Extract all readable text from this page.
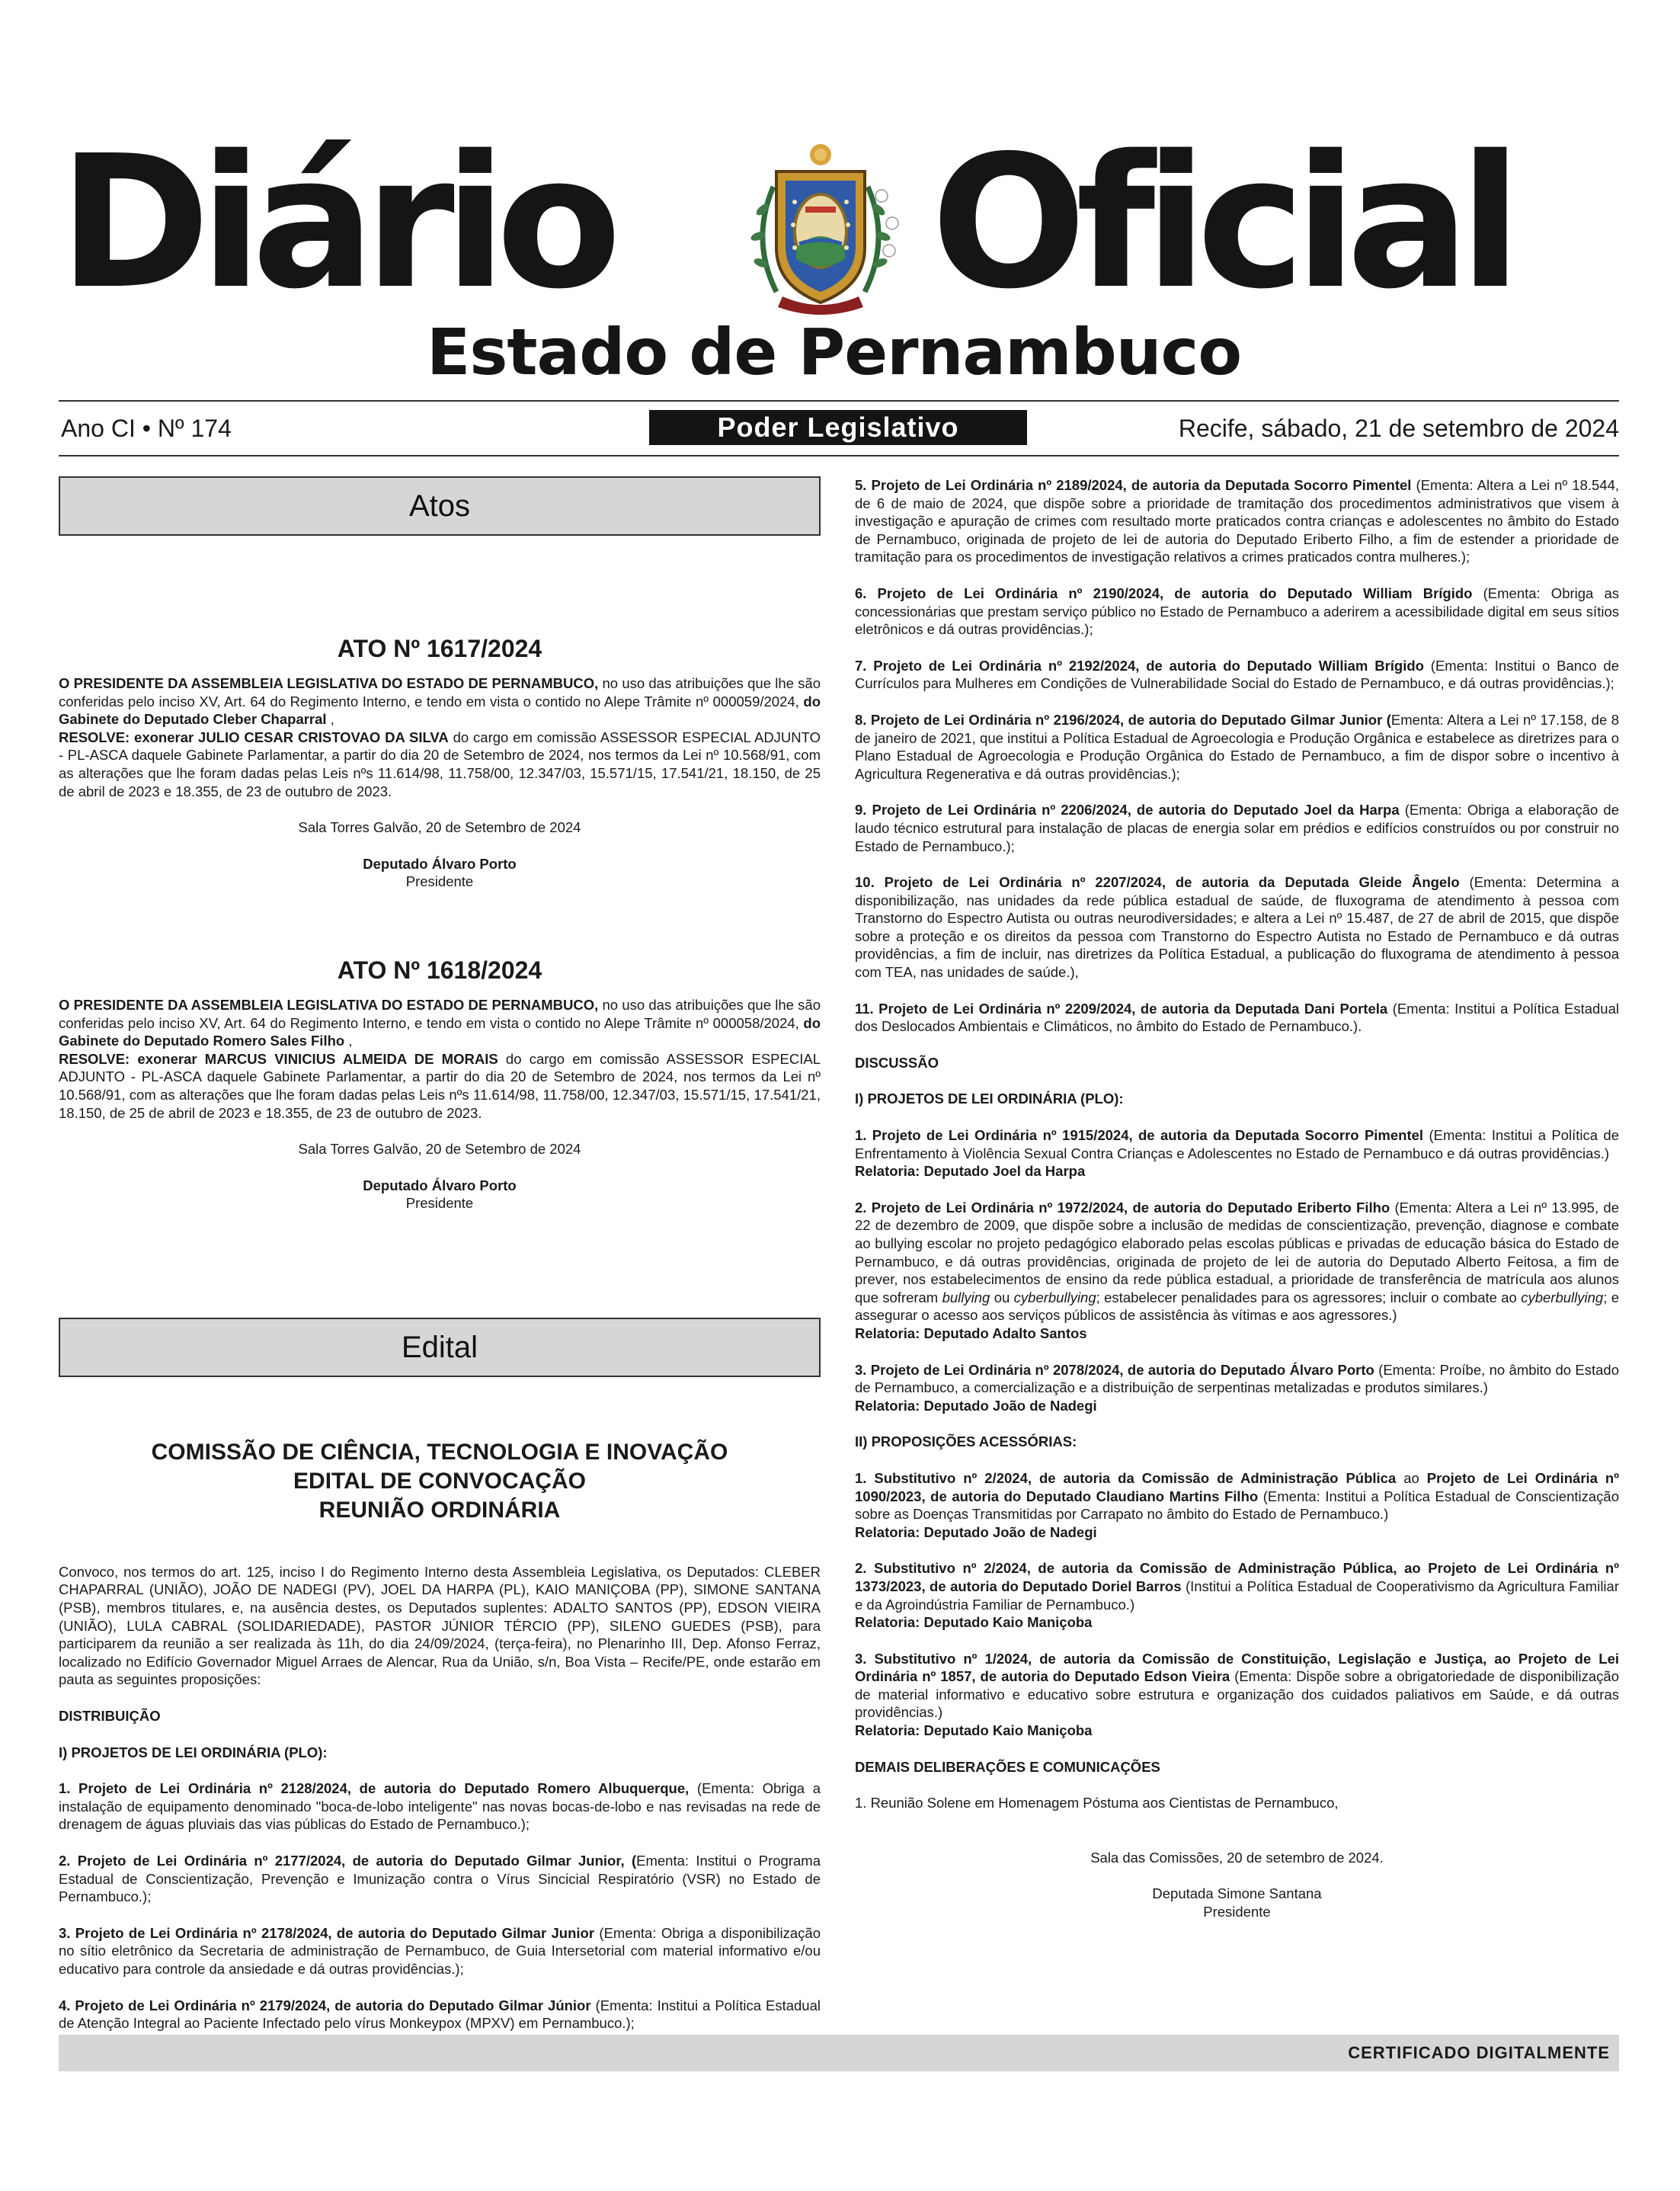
Diário	Oficial
Estado de Pernambuco
Ano CI • Nº 174	Poder Legislativo	Recife, sábado, 21 de setembro de 2024
Atos
ATO Nº 1617/2024

O PRESIDENTE DA ASSEMBLEIA LEGISLATIVA DO ESTADO DE PERNAMBUCO, no uso das atribuições que lhe são conferidas pelo inciso XV, Art. 64 do Regimento Interno, e tendo em vista o contido no Alepe Trâmite nº 000059/2024, do Gabinete do Deputado Cleber Chaparral ,
RESOLVE: exonerar JULIO CESAR CRISTOVAO DA SILVA do cargo em comissão ASSESSOR ESPECIAL ADJUNTO - PL-ASCA daquele Gabinete Parlamentar, a partir do dia 20 de Setembro de 2024, nos termos da Lei nº 10.568/91, com as alterações que lhe foram dadas pelas Leis nºs 11.614/98, 11.758/00, 12.347/03, 15.571/15, 17.541/21, 18.150, de 25 de abril de 2023 e 18.355, de 23 de outubro de 2023.

Sala Torres Galvão, 20 de Setembro de 2024

Deputado Álvaro Porto

Presidente

ATO Nº 1618/2024

O PRESIDENTE DA ASSEMBLEIA LEGISLATIVA DO ESTADO DE PERNAMBUCO, no uso das atribuições que lhe são conferidas pelo inciso XV, Art. 64 do Regimento Interno, e tendo em vista o contido no Alepe Trâmite nº 000058/2024, do Gabinete do Deputado Romero Sales Filho ,
RESOLVE: exonerar MARCUS VINICIUS ALMEIDA DE MORAIS do cargo em comissão ASSESSOR ESPECIAL ADJUNTO - PL-ASCA daquele Gabinete Parlamentar, a partir do dia 20 de Setembro de 2024, nos termos da Lei nº 10.568/91, com as alterações que lhe foram dadas pelas Leis nºs 11.614/98, 11.758/00, 12.347/03, 15.571/15, 17.541/21, 18.150, de 25 de abril de 2023 e 18.355, de 23 de outubro de 2023.

Sala Torres Galvão, 20 de Setembro de 2024

Deputado Álvaro Porto

Presidente

Edital
COMISSÃO DE CIÊNCIA, TECNOLOGIA E INOVAÇÃO
EDITAL DE CONVOCAÇÃO
REUNIÃO ORDINÁRIA

Convoco, nos termos do art. 125, inciso I do Regimento Interno desta Assembleia Legislativa, os Deputados: CLEBER CHAPARRAL (UNIÃO), JOÃO DE NADEGI (PV), JOEL DA HARPA (PL), KAIO MANIÇOBA (PP), SIMONE SANTANA (PSB), membros titulares, e, na ausência destes, os Deputados suplentes: ADALTO SANTOS (PP), EDSON VIEIRA (UNIÃO), LULA CABRAL (SOLIDARIEDADE), PASTOR JÚNIOR TÉRCIO (PP), SILENO GUEDES (PSB), para participarem da reunião a ser realizada às 11h, do dia 24/09/2024, (terça-feira), no Plenarinho III, Dep. Afonso Ferraz, localizado no Edifício Governador Miguel Arraes de Alencar, Rua da União, s/n, Boa Vista – Recife/PE, onde estarão em pauta as seguintes proposições:

DISTRIBUIÇÃO

I) PROJETOS DE LEI ORDINÁRIA (PLO):

1. Projeto de Lei Ordinária nº 2128/2024, de autoria do Deputado Romero Albuquerque, (Ementa: Obriga a instalação de equipamento denominado "boca-de-lobo inteligente" nas novas bocas-de-lobo e nas revisadas na rede de drenagem de águas pluviais das vias públicas do Estado de Pernambuco.);

2. Projeto de Lei Ordinária nº 2177/2024, de autoria do Deputado Gilmar Junior, (Ementa: Institui o Programa Estadual de Conscientização, Prevenção e Imunização contra o Vírus Sincicial Respiratório (VSR) no Estado de Pernambuco.);

3. Projeto de Lei Ordinária nº 2178/2024, de autoria do Deputado Gilmar Junior (Ementa: Obriga a disponibilização no sítio eletrônico da Secretaria de administração de Pernambuco, de Guia Intersetorial com material informativo e/ou educativo para controle da ansiedade e dá outras providências.);

4. Projeto de Lei Ordinária nº 2179/2024, de autoria do Deputado Gilmar Júnior (Ementa: Institui a Política Estadual de Atenção Integral ao Paciente Infectado pelo vírus Monkeypox (MPXV) em Pernambuco.);

5. Projeto de Lei Ordinária nº 2189/2024, de autoria da Deputada Socorro Pimentel (Ementa: Altera a Lei nº 18.544, de 6 de maio de 2024, que dispõe sobre a prioridade de tramitação dos procedimentos administrativos que visem à investigação e apuração de crimes com resultado morte praticados contra crianças e adolescentes no âmbito do Estado de Pernambuco, originada de projeto de lei de autoria do Deputado Eriberto Filho, a fim de estender a prioridade de tramitação para os procedimentos de investigação relativos a crimes praticados contra mulheres.);

6. Projeto de Lei Ordinária nº 2190/2024, de autoria do Deputado William Brígido (Ementa: Obriga as concessionárias que prestam serviço público no Estado de Pernambuco a aderirem a acessibilidade digital em seus sítios eletrônicos e dá outras providências.);

7. Projeto de Lei Ordinária nº 2192/2024, de autoria do Deputado William Brígido (Ementa: Institui o Banco de Currículos para Mulheres em Condições de Vulnerabilidade Social do Estado de Pernambuco, e dá outras providências.);

8. Projeto de Lei Ordinária nº 2196/2024, de autoria do Deputado Gilmar Junior (Ementa: Altera a Lei nº 17.158, de 8 de janeiro de 2021, que institui a Política Estadual de Agroecologia e Produção Orgânica e estabelece as diretrizes para o Plano Estadual de Agroecologia e Produção Orgânica do Estado de Pernambuco, a fim de dispor sobre o incentivo à Agricultura Regenerativa e dá outras providências.);

9. Projeto de Lei Ordinária nº 2206/2024, de autoria do Deputado Joel da Harpa (Ementa: Obriga a elaboração de laudo técnico estrutural para instalação de placas de energia solar em prédios e edifícios construídos ou por construir no Estado de Pernambuco.);

10. Projeto de Lei Ordinária nº 2207/2024, de autoria da Deputada Gleide Ângelo (Ementa: Determina a disponibilização, nas unidades da rede pública estadual de saúde, de fluxograma de atendimento à pessoa com Transtorno do Espectro Autista ou outras neurodiversidades; e altera a Lei nº 15.487, de 27 de abril de 2015, que dispõe sobre a proteção e os direitos da pessoa com Transtorno do Espectro Autista no Estado de Pernambuco e dá outras providências, a fim de incluir, nas diretrizes da Política Estadual, a publicação do fluxograma de atendimento à pessoa com TEA, nas unidades de saúde.),

11. Projeto de Lei Ordinária nº 2209/2024, de autoria da Deputada Dani Portela (Ementa: Institui a Política Estadual dos Deslocados Ambientais e Climáticos, no âmbito do Estado de Pernambuco.).

DISCUSSÃO

I) PROJETOS DE LEI ORDINÁRIA (PLO):

1. Projeto de Lei Ordinária nº 1915/2024, de autoria da Deputada Socorro Pimentel (Ementa: Institui a Política de Enfrentamento à Violência Sexual Contra Crianças e Adolescentes no Estado de Pernambuco e dá outras providências.)
Relatoria: Deputado Joel da Harpa

2. Projeto de Lei Ordinária nº 1972/2024, de autoria do Deputado Eriberto Filho (Ementa: Altera a Lei nº 13.995, de 22 de dezembro de 2009, que dispõe sobre a inclusão de medidas de conscientização, prevenção, diagnose e combate ao bullying escolar no projeto pedagógico elaborado pelas escolas públicas e privadas de educação básica do Estado de Pernambuco, e dá outras providências, originada de projeto de lei de autoria do Deputado Alberto Feitosa, a fim de prever, nos estabelecimentos de ensino da rede pública estadual, a prioridade de transferência de matrícula aos alunos que sofreram bullying ou cyberbullying; estabelecer penalidades para os agressores; incluir o combate ao cyberbullying; e assegurar o acesso aos serviços públicos de assistência às vítimas e aos agressores.)
Relatoria: Deputado Adalto Santos

3. Projeto de Lei Ordinária nº 2078/2024, de autoria do Deputado Álvaro Porto (Ementa: Proíbe, no âmbito do Estado de Pernambuco, a comercialização e a distribuição de serpentinas metalizadas e produtos similares.)
Relatoria: Deputado João de Nadegi

II) PROPOSIÇÕES ACESSÓRIAS:

1. Substitutivo nº 2/2024, de autoria da Comissão de Administração Pública ao Projeto de Lei Ordinária nº 1090/2023, de autoria do Deputado Claudiano Martins Filho (Ementa: Institui a Política Estadual de Conscientização sobre as Doenças Transmitidas por Carrapato no âmbito do Estado de Pernambuco.)
Relatoria: Deputado João de Nadegi

2. Substitutivo nº 2/2024, de autoria da Comissão de Administração Pública, ao Projeto de Lei Ordinária nº 1373/2023, de autoria do Deputado Doriel Barros (Institui a Política Estadual de Cooperativismo da Agricultura Familiar e da Agroindústria Familiar de Pernambuco.)
Relatoria: Deputado Kaio Maniçoba

3. Substitutivo nº 1/2024, de autoria da Comissão de Constituição, Legislação e Justiça, ao Projeto de Lei Ordinária nº 1857, de autoria do Deputado Edson Vieira (Ementa: Dispõe sobre a obrigatoriedade de disponibilização de material informativo e educativo sobre estrutura e organização dos cuidados paliativos em Saúde, e dá outras providências.)
Relatoria: Deputado Kaio Maniçoba

DEMAIS DELIBERAÇÕES E COMUNICAÇÕES

1. Reunião Solene em Homenagem Póstuma aos Cientistas de Pernambuco,

Sala das Comissões, 20 de setembro de 2024.

Deputada Simone Santana

Presidente

CERTIFICADO DIGITALMENTE
